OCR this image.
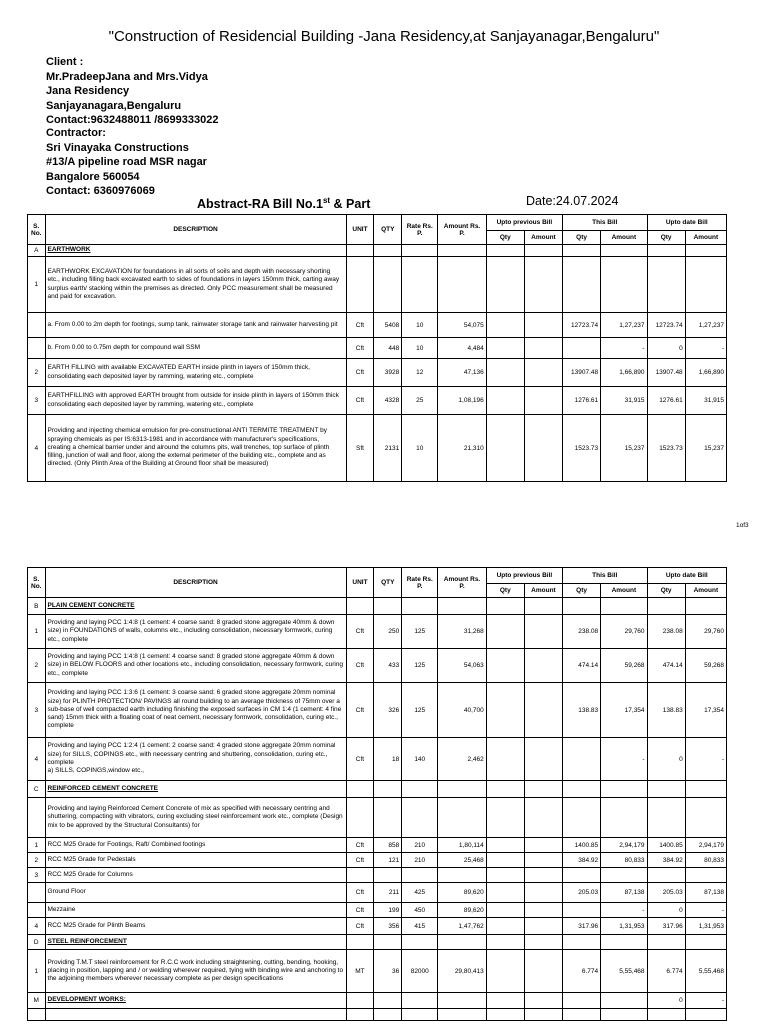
"Construction of Residencial Building -Jana Residency,at Sanjayanagar,Bengaluru"
Client :
Mr.PradeepJana and Mrs.Vidya
Jana Residency
Sanjayanagara,Bengaluru
Contact:9632488011 /8699333022
Contractor:
Sri Vinayaka Constructions
#13/A pipeline road MSR nagar
Bangalore 560054
Contact: 6360976069
Abstract-RA Bill No.1st & Part	Date:24.07.2024
S. No.	DESCRIPTION	UNIT	QTY	Rate Rs. P.	Amount Rs. P.	Upto previous Bill		This Bill		Upto date Bill	
						Qty	Amount	Qty	Amount	Qty	Amount
A	EARTHWORK										
1	EARTHWORK EXCAVATION for foundations in all sorts of soils and depth with necessary shorting etc., including filling back excavated earth to sides of foundations in layers 150mm thick, carting away surplus earth/ stacking within the premises as directed. Only PCC measurement shall be measured and paid for excavation.										
	a. From 0.00 to 2m depth for footings, sump tank, rainwater storage tank and rainwater harvesting pit	Cft	5408	10	54,075			12723.74	1,27,237	12723.74	1,27,237
	b. From 0.00 to 0.75m depth for compound wall SSM	Cft	448	10	4,484				-	0	-
2	EARTH FILLING with available EXCAVATED EARTH inside plinth in layers of 150mm thick, consolidating each deposited layer by ramming, watering etc., complete	Cft	3928	12	47,136			13907.48	1,66,890	13907.48	1,66,890
3	EARTHFILLING with approved EARTH brought from outside for inside plinth in layers of 150mm thick consolidating each deposited layer by ramming, watering etc., complete	Cft	4328	25	1,08,196			1276.61	31,915	1276.61	31,915
4	Providing and injecting chemical emulsion for pre-constructional ANTI TERMITE TREATMENT by spraying chemicals as per IS:6313-1981 and in accordance with manufacturer's specifications, creating a chemical barrier under and alround the columns pits, wall trenches, top surface of plinth filling, junction of wall and floor, along the external perimeter of the building etc., complete and as directed. (Only Plinth Area of the Building at Ground floor shall be measured)	Sft	2131	10	21,310			1523.73	15,237	1523.73	15,237
1of3
S. No.	DESCRIPTION	UNIT	QTY	Rate Rs. P.	Amount Rs. P.	Upto previous Bill		This Bill		Upto date Bill	
						Qty	Amount	Qty	Amount	Qty	Amount
B	PLAIN CEMENT CONCRETE										
1	Providing and laying PCC 1:4:8 (1 cement: 4 coarse sand: 8 graded stone aggregate 40mm & down size) in FOUNDATIONS of walls, columns etc., including consolidation, necessary formwork, curing etc., complete	Cft	250	125	31,268			238.08	29,760	238.08	29,760
2	Providing and laying PCC 1:4:8 (1 cement: 4 coarse sand: 8 graded stone aggregate 40mm & down size) in BELOW FLOORS and other locations etc., including consolidation, necessary formwork, curing etc., complete	Cft	433	125	54,063			474.14	59,268	474.14	59,268
3	Providing and laying PCC 1:3:6 (1 cement: 3 coarse sand: 6 graded stone aggregate 20mm nominal size) for PLINTH PROTECTION/ PAVINGS all round building to an average thickness of 75mm over a sub-base of well compacted earth including finishing the exposed surfaces in CM 1:4 (1 cement: 4 fine sand) 15mm thick with a floating coat of neat cement, necessary formwork, consolidation, curing etc., complete	Cft	326	125	40,700			138.83	17,354	138.83	17,354
4	Providing and laying PCC 1:2:4 (1 cement: 2 coarse sand: 4 graded stone aggregate 20mm nominal size) for SILLS, COPINGS etc., with necessary centring and shuttering, consolidation, curing etc., complete
a) SILLS, COPINGS,window etc.,	Cft	18	140	2,462				-	0	-
C	REINFORCED CEMENT CONCRETE										
	Providing and laying Reinforced Cement Concrete of mix as specified with necessary centring and shuttering, compacting with vibrators, curing excluding steel reinforcement work etc., complete (Design mix to be approved by the Structural Consultants) for										
1	RCC M25 Grade for Footings, Raft/ Combined footings	Cft	858	210	1,80,114			1400.85	2,94,179	1400.85	2,94,179
2	RCC M25 Grade for Pedestals	Cft	121	210	25,468			384.92	80,833	384.92	80,833
3	RCC M25 Grade for Columns										
	Ground Floor	Cft	211	425	89,620			205.03	87,138	205.03	87,138
	Mezzaine	Cft	199	450	89,620				-	0	-
4	RCC M25 Grade for Plinth Beams	Cft	356	415	1,47,762			317.96	1,31,953	317.96	1,31,953
D	STEEL REINFORCEMENT										
1	Providing T.M.T steel reinforcement for R.C.C work including straightening, cutting, bending, hooking, placing in position, lapping and / or welding wherever required, tying with binding wire and anchoring to the adjoining members wherever necessary complete as per design specifications	MT	36	82000	29,80,413			6.774	5,55,468	6.774	5,55,468
M	DEVELOPMENT WORKS:									0	-
